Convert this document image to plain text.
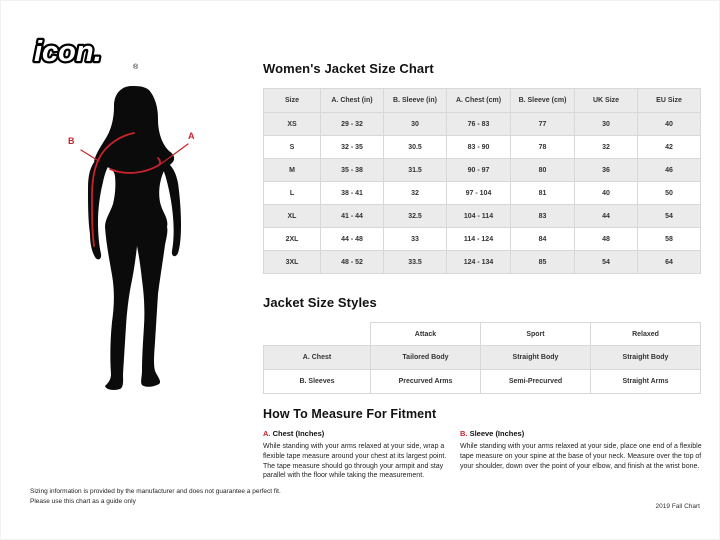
icon.	®
B	A
Women's Jacket Size Chart
Size	A. Chest (in)	B. Sleeve (in)	A. Chest (cm)	B. Sleeve (cm)	UK Size	EU Size
XS	29 - 32	30	76 - 83	77	30	40
S	32 - 35	30.5	83 - 90	78	32	42
M	35 - 38	31.5	90 - 97	80	36	46
L	38 - 41	32	97 - 104	81	40	50
XL	41 - 44	32.5	104 - 114	83	44	54
2XL	44 - 48	33	114 - 124	84	48	58
3XL	48 - 52	33.5	124 - 134	85	54	64
Jacket Size Styles
	Attack	Sport	Relaxed
A. Chest	Tailored Body	Straight Body	Straight Body
B. Sleeves	Precurved Arms	Semi-Precurved	Straight Arms
How To Measure For Fitment
A. Chest (Inches)
While standing with your arms relaxed at your side, wrap a flexible tape measure around your chest at its largest point. The tape measure should go through your armpit and stay parallel with the floor while taking the measurement.
B. Sleeve (Inches)
While standing with your arms relaxed at your side, place one end of a flexible tape measure on your spine at the base of your neck. Measure over the top of your shoulder, down over the point of your elbow, and finish at the wrist bone.
Sizing information is provided by the manufacturer and does not guarantee a perfect fit.
Please use this chart as a guide only
2019 Fall Chart
